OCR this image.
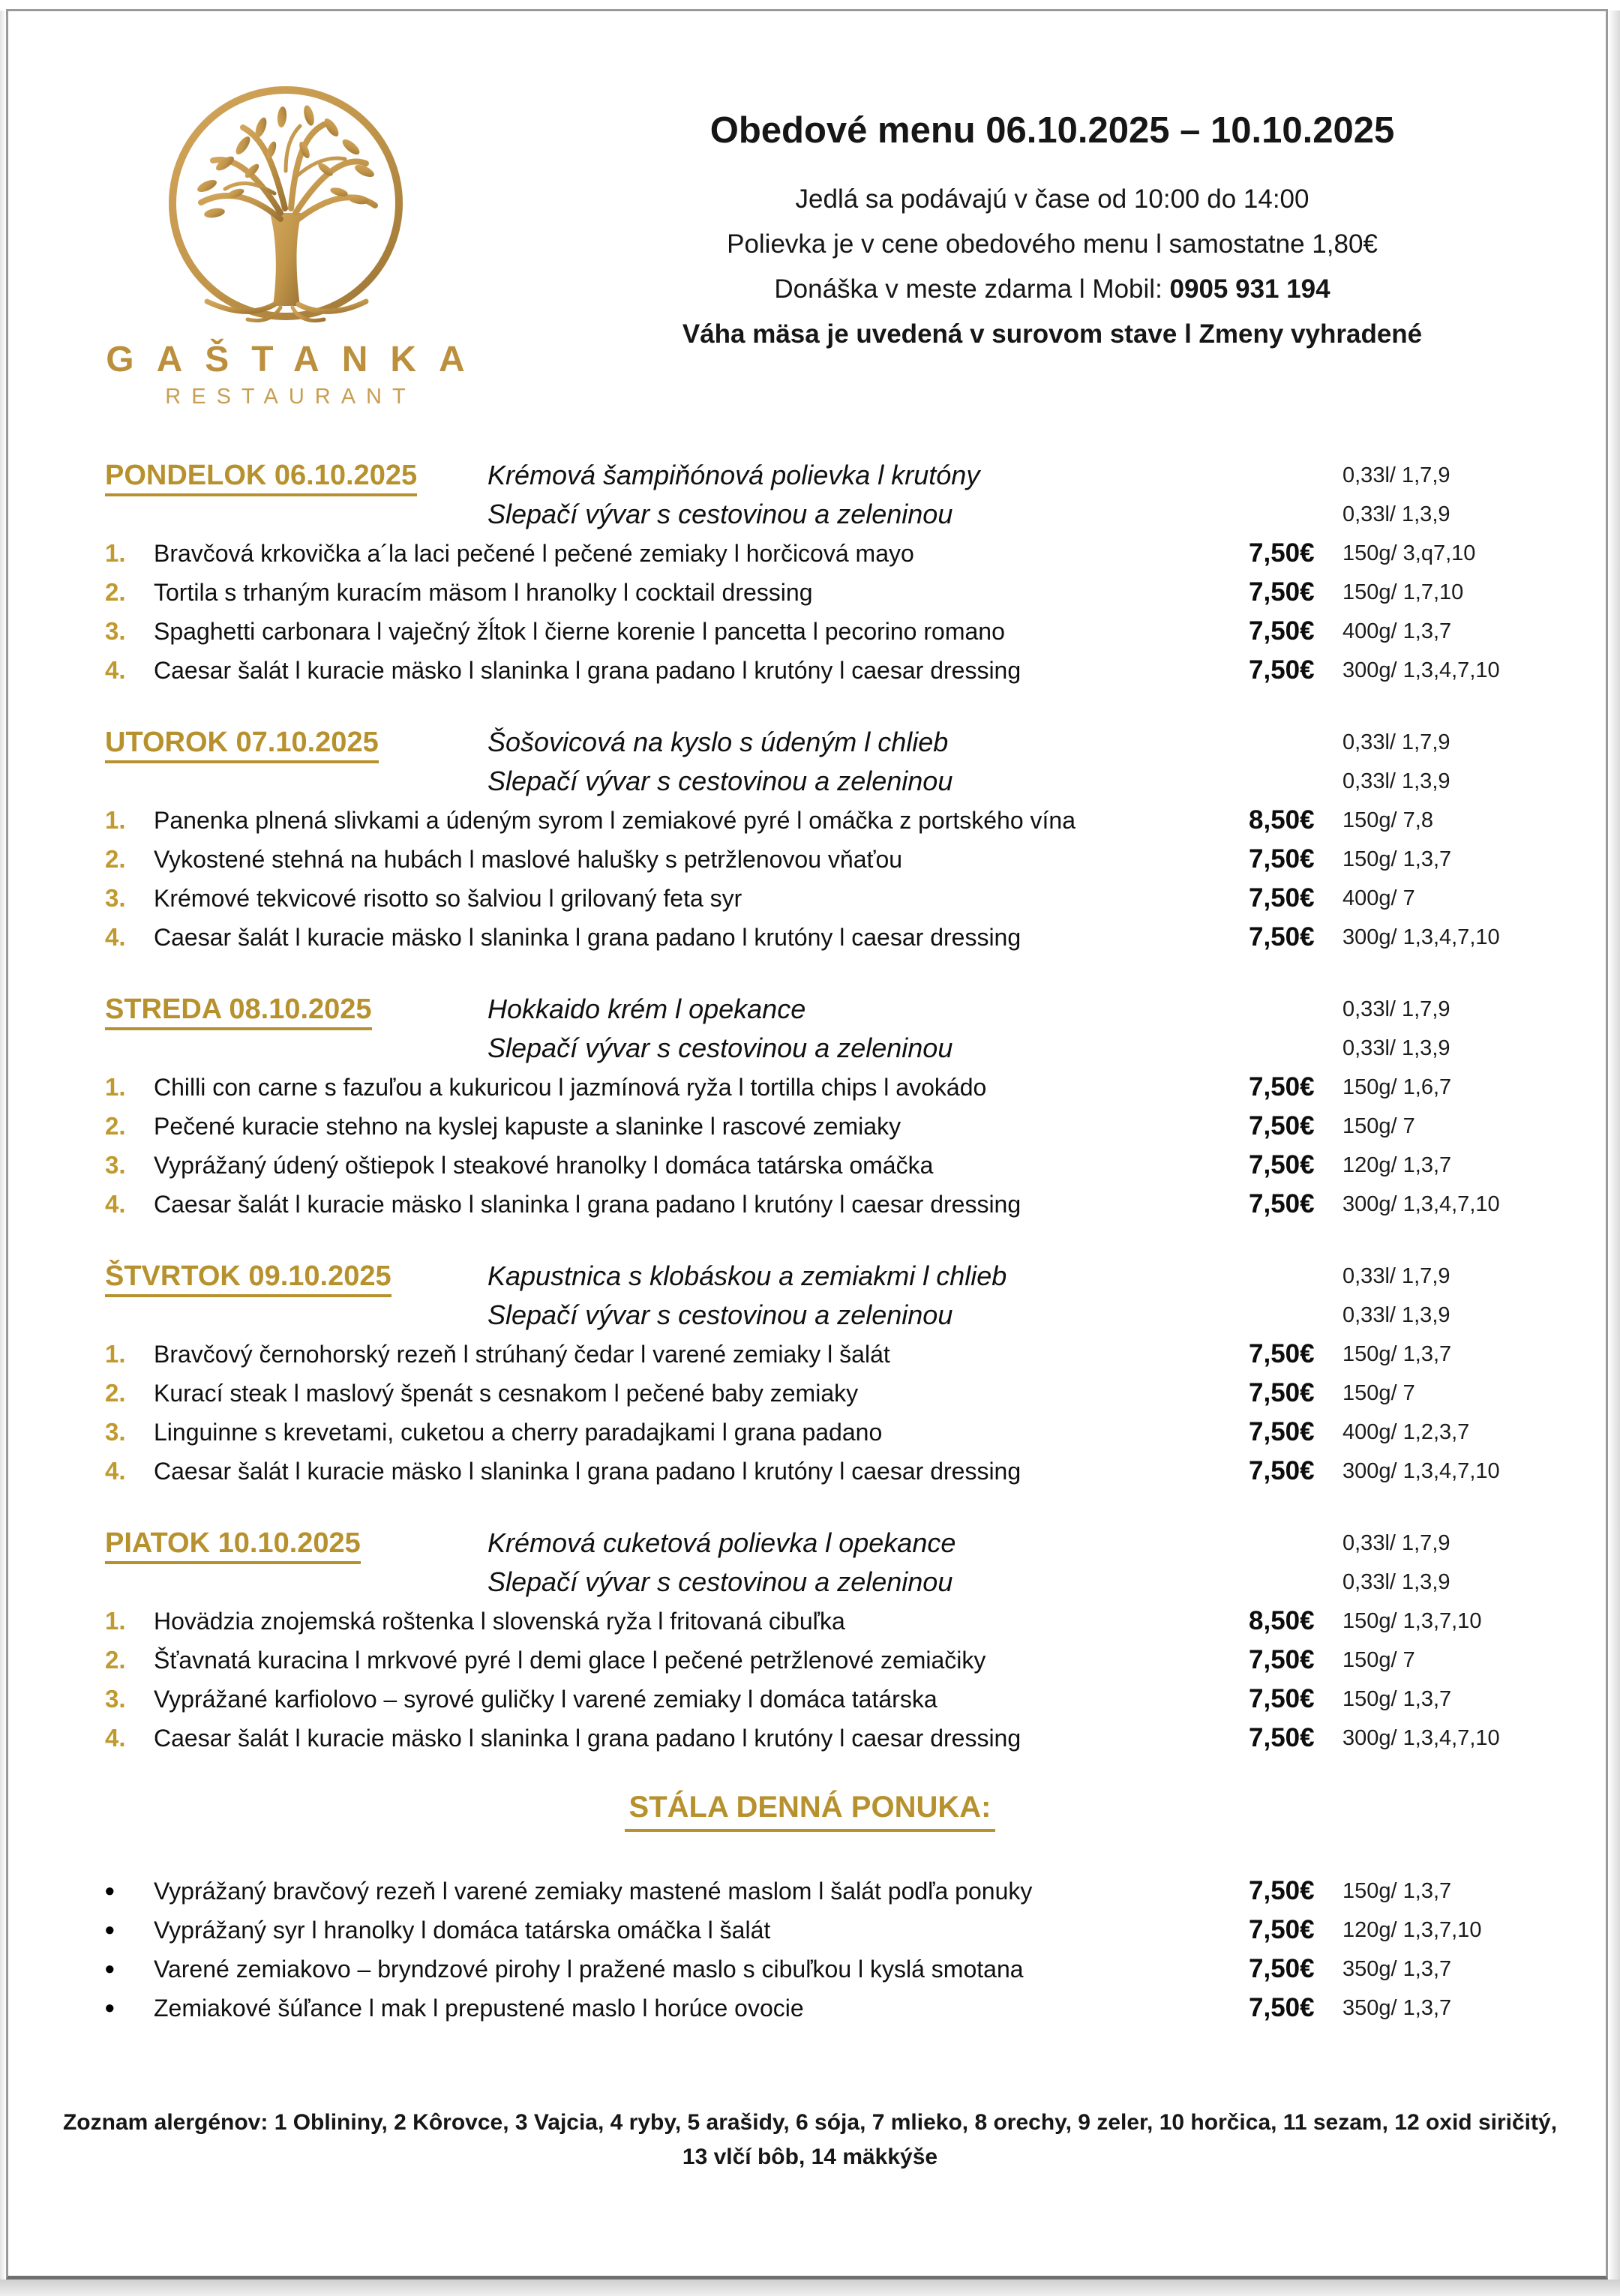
GAŠTANKA
RESTAURANT
Obedové menu 06.10.2025 – 10.10.2025
Jedlá sa podávajú v čase od 10:00 do 14:00
Polievka je v cene obedového menu l samostatne 1,80€
Donáška v meste zdarma l Mobil: 0905 931 194
Váha mäsa je uvedená v surovom stave l Zmeny vyhradené
PONDELOK 06.10.2025	Krémová šampiňónová polievka l krutóny	0,33l/ 1,7,9
Slepačí vývar s cestovinou a zeleninou	0,33l/ 1,3,9
1.	Bravčová krkovička a´la laci pečené l pečené zemiaky l horčicová mayo	7,50€	150g/ 3,q7,10
2.	Tortila s trhaným kuracím mäsom l hranolky l cocktail dressing	7,50€	150g/ 1,7,10
3.	Spaghetti carbonara l vaječný žĺtok l čierne korenie l pancetta l pecorino romano	7,50€	400g/ 1,3,7
4.	Caesar šalát l kuracie mäsko l slaninka l grana padano l krutóny l caesar dressing	7,50€	300g/ 1,3,4,7,10
UTOROK 07.10.2025	Šošovicová na kyslo s údeným l chlieb	0,33l/ 1,7,9
Slepačí vývar s cestovinou a zeleninou	0,33l/ 1,3,9
1.	Panenka plnená slivkami a údeným syrom l zemiakové pyré l omáčka z portského vína	8,50€	150g/ 7,8
2.	Vykostené stehná na hubách l maslové halušky s petržlenovou vňaťou	7,50€	150g/ 1,3,7
3.	Krémové tekvicové risotto so šalviou l grilovaný feta syr	7,50€	400g/ 7
4.	Caesar šalát l kuracie mäsko l slaninka l grana padano l krutóny l caesar dressing	7,50€	300g/ 1,3,4,7,10
STREDA 08.10.2025	Hokkaido krém l opekance	0,33l/ 1,7,9
Slepačí vývar s cestovinou a zeleninou	0,33l/ 1,3,9
1.	Chilli con carne s fazuľou a kukuricou l jazmínová ryža l tortilla chips l avokádo	7,50€	150g/ 1,6,7
2.	Pečené kuracie stehno na kyslej kapuste a slaninke l rascové zemiaky	7,50€	150g/ 7
3.	Vyprážaný údený oštiepok l steakové hranolky l domáca tatárska omáčka	7,50€	120g/ 1,3,7
4.	Caesar šalát l kuracie mäsko l slaninka l grana padano l krutóny l caesar dressing	7,50€	300g/ 1,3,4,7,10
ŠTVRTOK 09.10.2025	Kapustnica s klobáskou a zemiakmi l chlieb	0,33l/ 1,7,9
Slepačí vývar s cestovinou a zeleninou	0,33l/ 1,3,9
1.	Bravčový černohorský rezeň l strúhaný čedar l varené zemiaky l šalát	7,50€	150g/ 1,3,7
2.	Kurací steak l maslový špenát s cesnakom l pečené baby zemiaky	7,50€	150g/ 7
3.	Linguinne s krevetami, cuketou a cherry paradajkami l grana padano	7,50€	400g/ 1,2,3,7
4.	Caesar šalát l kuracie mäsko l slaninka l grana padano l krutóny l caesar dressing	7,50€	300g/ 1,3,4,7,10
PIATOK 10.10.2025	Krémová cuketová polievka l opekance	0,33l/ 1,7,9
Slepačí vývar s cestovinou a zeleninou	0,33l/ 1,3,9
1.	Hovädzia znojemská roštenka l slovenská ryža l fritovaná cibuľka	8,50€	150g/ 1,3,7,10
2.	Šťavnatá kuracina l mrkvové pyré l demi glace l pečené petržlenové zemiačiky	7,50€	150g/ 7
3.	Vyprážané karfiolovo – syrové guličky l varené zemiaky l domáca tatárska	7,50€	150g/ 1,3,7
4.	Caesar šalát l kuracie mäsko l slaninka l grana padano l krutóny l caesar dressing	7,50€	300g/ 1,3,4,7,10
STÁLA DENNÁ PONUKA:
•	Vyprážaný bravčový rezeň l varené zemiaky mastené maslom l šalát podľa ponuky	7,50€	150g/ 1,3,7
•	Vyprážaný syr l hranolky l domáca tatárska omáčka l šalát	7,50€	120g/ 1,3,7,10
•	Varené zemiakovo – bryndzové pirohy l pražené maslo s cibuľkou l kyslá smotana	7,50€	350g/ 1,3,7
•	Zemiakové šúľance l mak l prepustené maslo l horúce ovocie	7,50€	350g/ 1,3,7
Zoznam alergénov: 1 Oblininy, 2 Kôrovce, 3 Vajcia, 4 ryby, 5 arašidy, 6 sója, 7 mlieko, 8 orechy, 9 zeler, 10 horčica, 11 sezam, 12 oxid siričitý,
13 vlčí bôb, 14 mäkkýše
